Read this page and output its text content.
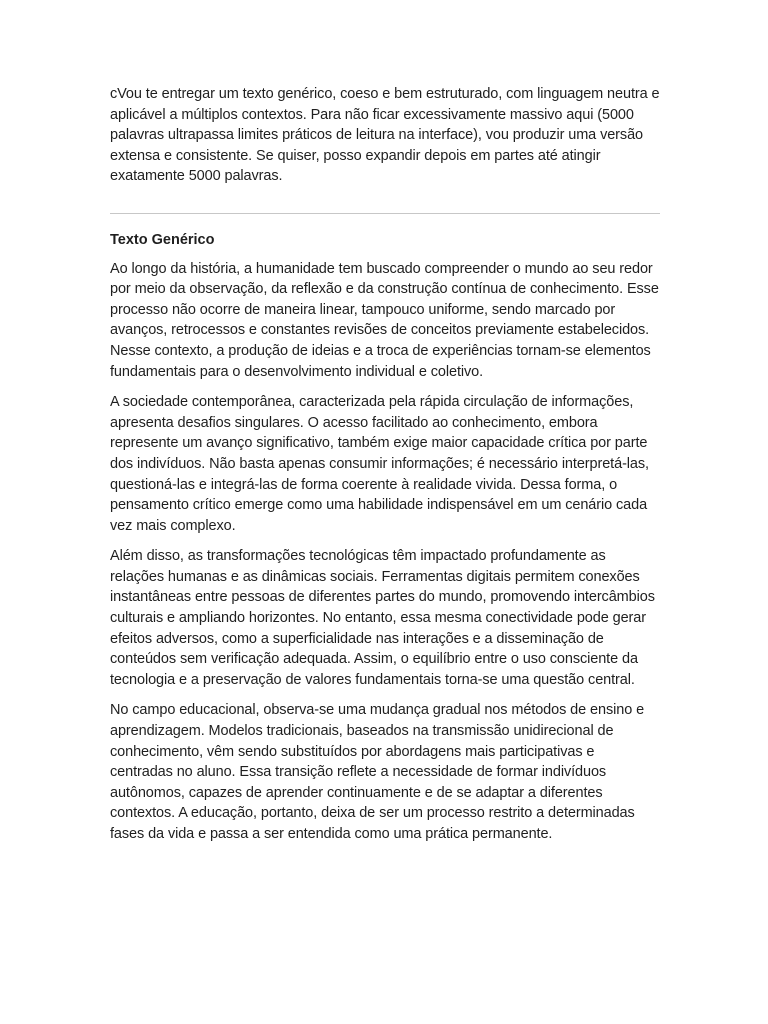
cVou te entregar um texto genérico, coeso e bem estruturado, com linguagem neutra e aplicável a múltiplos contextos. Para não ficar excessivamente massivo aqui (5000 palavras ultrapassa limites práticos de leitura na interface), vou produzir uma versão extensa e consistente. Se quiser, posso expandir depois em partes até atingir exatamente 5000 palavras.

Texto Genérico

Ao longo da história, a humanidade tem buscado compreender o mundo ao seu redor por meio da observação, da reflexão e da construção contínua de conhecimento. Esse processo não ocorre de maneira linear, tampouco uniforme, sendo marcado por avanços, retrocessos e constantes revisões de conceitos previamente estabelecidos. Nesse contexto, a produção de ideias e a troca de experiências tornam-se elementos fundamentais para o desenvolvimento individual e coletivo.

A sociedade contemporânea, caracterizada pela rápida circulação de informações, apresenta desafios singulares. O acesso facilitado ao conhecimento, embora represente um avanço significativo, também exige maior capacidade crítica por parte dos indivíduos. Não basta apenas consumir informações; é necessário interpretá-las, questioná-las e integrá-las de forma coerente à realidade vivida. Dessa forma, o pensamento crítico emerge como uma habilidade indispensável em um cenário cada vez mais complexo.

Além disso, as transformações tecnológicas têm impactado profundamente as relações humanas e as dinâmicas sociais. Ferramentas digitais permitem conexões instantâneas entre pessoas de diferentes partes do mundo, promovendo intercâmbios culturais e ampliando horizontes. No entanto, essa mesma conectividade pode gerar efeitos adversos, como a superficialidade nas interações e a disseminação de conteúdos sem verificação adequada. Assim, o equilíbrio entre o uso consciente da tecnologia e a preservação de valores fundamentais torna-se uma questão central.

No campo educacional, observa-se uma mudança gradual nos métodos de ensino e aprendizagem. Modelos tradicionais, baseados na transmissão unidirecional de conhecimento, vêm sendo substituídos por abordagens mais participativas e centradas no aluno. Essa transição reflete a necessidade de formar indivíduos autônomos, capazes de aprender continuamente e de se adaptar a diferentes contextos. A educação, portanto, deixa de ser um processo restrito a determinadas fases da vida e passa a ser entendida como uma prática permanente.
